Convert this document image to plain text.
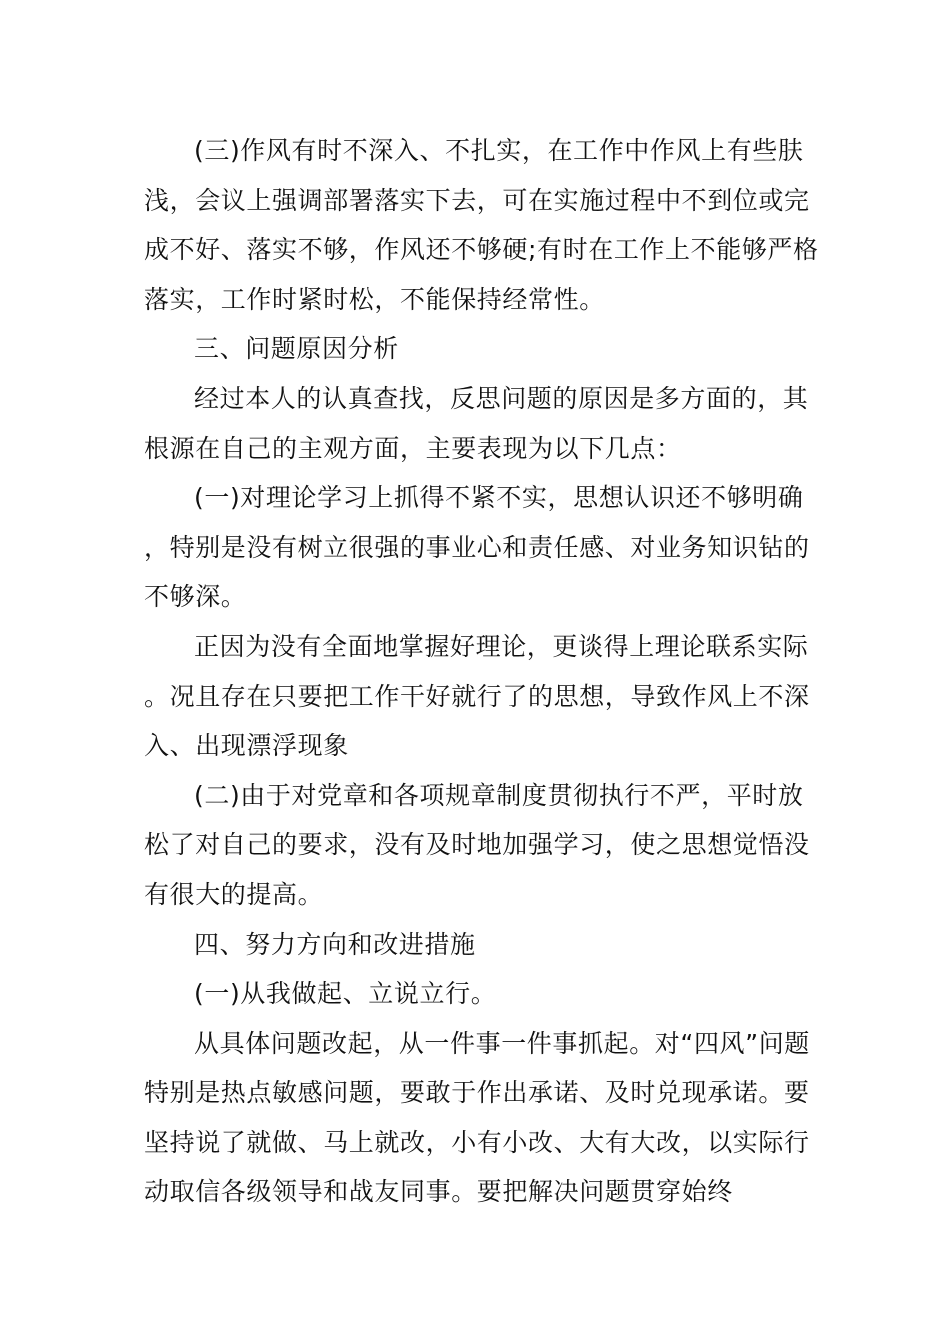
(三)作风有时不深入、不扎实，在工作中作风上有些肤浅，会议上强调部署落实下去，可在实施过程中不到位或完成不好、落实不够，作风还不够硬;有时在工作上不能够严格落实，工作时紧时松，不能保持经常性。

三、问题原因分析

经过本人的认真查找，反思问题的原因是多方面的，其根源在自己的主观方面，主要表现为以下几点：

(一)对理论学习上抓得不紧不实，思想认识还不够明确，特别是没有树立很强的事业心和责任感、对业务知识钻的不够深。

正因为没有全面地掌握好理论，更谈得上理论联系实际。况且存在只要把工作干好就行了的思想，导致作风上不深入、出现漂浮现象

(二)由于对党章和各项规章制度贯彻执行不严，平时放松了对自己的要求，没有及时地加强学习，使之思想觉悟没有很大的提高。

四、努力方向和改进措施

(一)从我做起、立说立行。

从具体问题改起，从一件事一件事抓起。对“四风”问题特别是热点敏感问题，要敢于作出承诺、及时兑现承诺。要坚持说了就做、马上就改，小有小改、大有大改，以实际行动取信各级领导和战友同事。要把解决问题贯穿始终
